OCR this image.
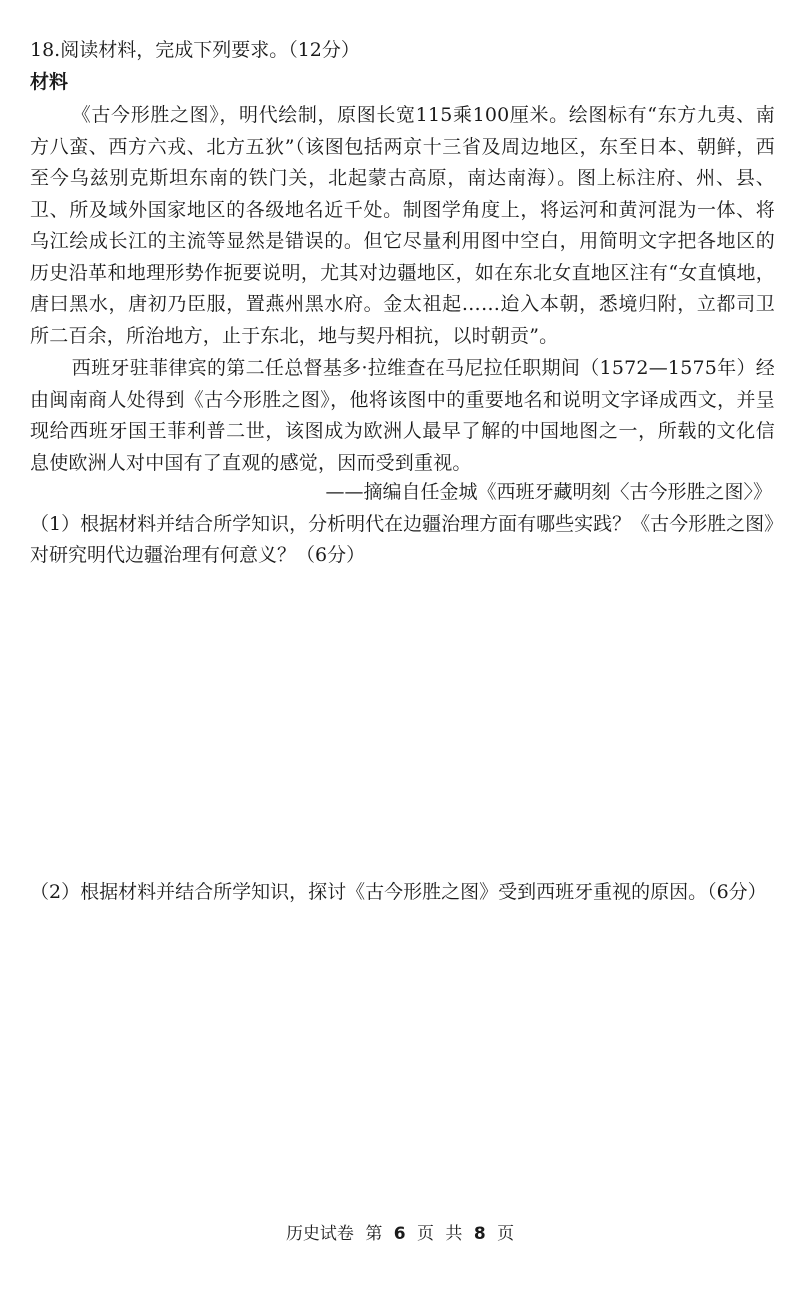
18.阅读材料，完成下列要求。（12分）
材料

《古今形胜之图》，明代绘制，原图长宽115乘100厘米。绘图标有“东方九夷、南方八蛮、西方六戎、北方五狄”（该图包括两京十三省及周边地区，东至日本、朝鲜，西至今乌兹别克斯坦东南的铁门关，北起蒙古高原，南达南海）。图上标注府、州、县、卫、所及域外国家地区的各级地名近千处。制图学角度上，将运河和黄河混为一体、将乌江绘成长江的主流等显然是错误的。但它尽量利用图中空白，用简明文字把各地区的历史沿革和地理形势作扼要说明，尤其对边疆地区，如在东北女直地区注有“女直慎地，唐曰黑水，唐初乃臣服，置燕州黑水府。金太祖起……迨入本朝，悉境归附，立都司卫所二百余，所治地方，止于东北，地与契丹相抗，以时朝贡”。

西班牙驻菲律宾的第二任总督基多·拉维查在马尼拉任职期间（1572—1575年）经由闽南商人处得到《古今形胜之图》，他将该图中的重要地名和说明文字译成西文，并呈现给西班牙国王菲利普二世，该图成为欧洲人最早了解的中国地图之一，所载的文化信息使欧洲人对中国有了直观的感觉，因而受到重视。

——摘编自任金城《西班牙藏明刻〈古今形胜之图〉》

（1）根据材料并结合所学知识，分析明代在边疆治理方面有哪些实践？《古今形胜之图》对研究明代边疆治理有何意义？（6分）

（2）根据材料并结合所学知识，探讨《古今形胜之图》受到西班牙重视的原因。（6分）

历史试卷 第 6 页 共 8 页
